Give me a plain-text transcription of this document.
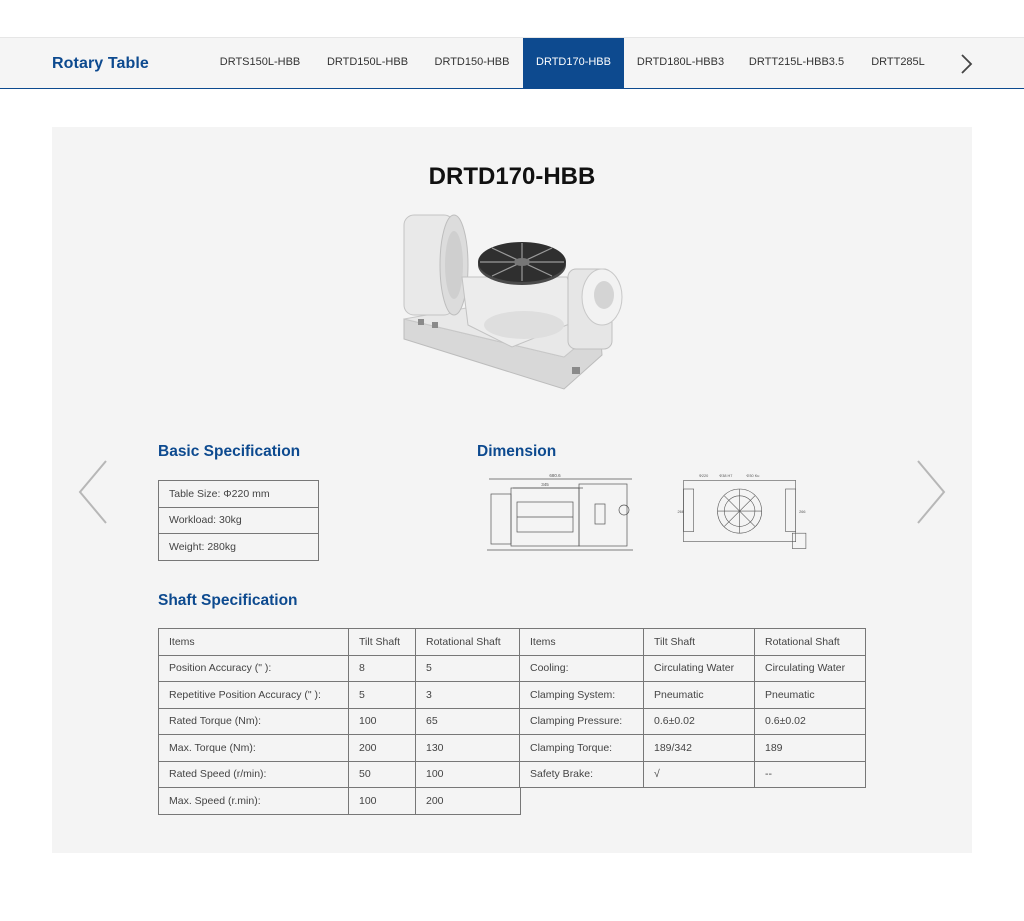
Rotary Table	DRTS150L-HBB DRTD150L-HBB DRTD150-HBB DRTD170-HBB DRTD180L-HBB3 DRTT215L-HBB3.5 DRTT285L
DRTD170-HBB
Basic Specification
Table Size: Φ220 mm
Workload: 30kg
Weight: 280kg
Dimension
680.6
345
Φ220 Φ38 H7	Φ30 Ku
266	266
Shaft Specification
Items	Tilt Shaft	Rotational Shaft
Position Accuracy (" ):	8	5
Repetitive Position Accuracy (" ):	5	3
Rated Torque (Nm):	100	65
Max. Torque (Nm):	200	130
Rated Speed (r/min):	50	100
Max. Speed (r.min):	100	200
Items	Tilt Shaft	Rotational Shaft
Cooling:	Circulating Water	Circulating Water
Clamping System:	Pneumatic	Pneumatic
Clamping Pressure:	0.6±0.02	0.6±0.02
Clamping Torque:	189/342	189
Safety Brake:	√	--
